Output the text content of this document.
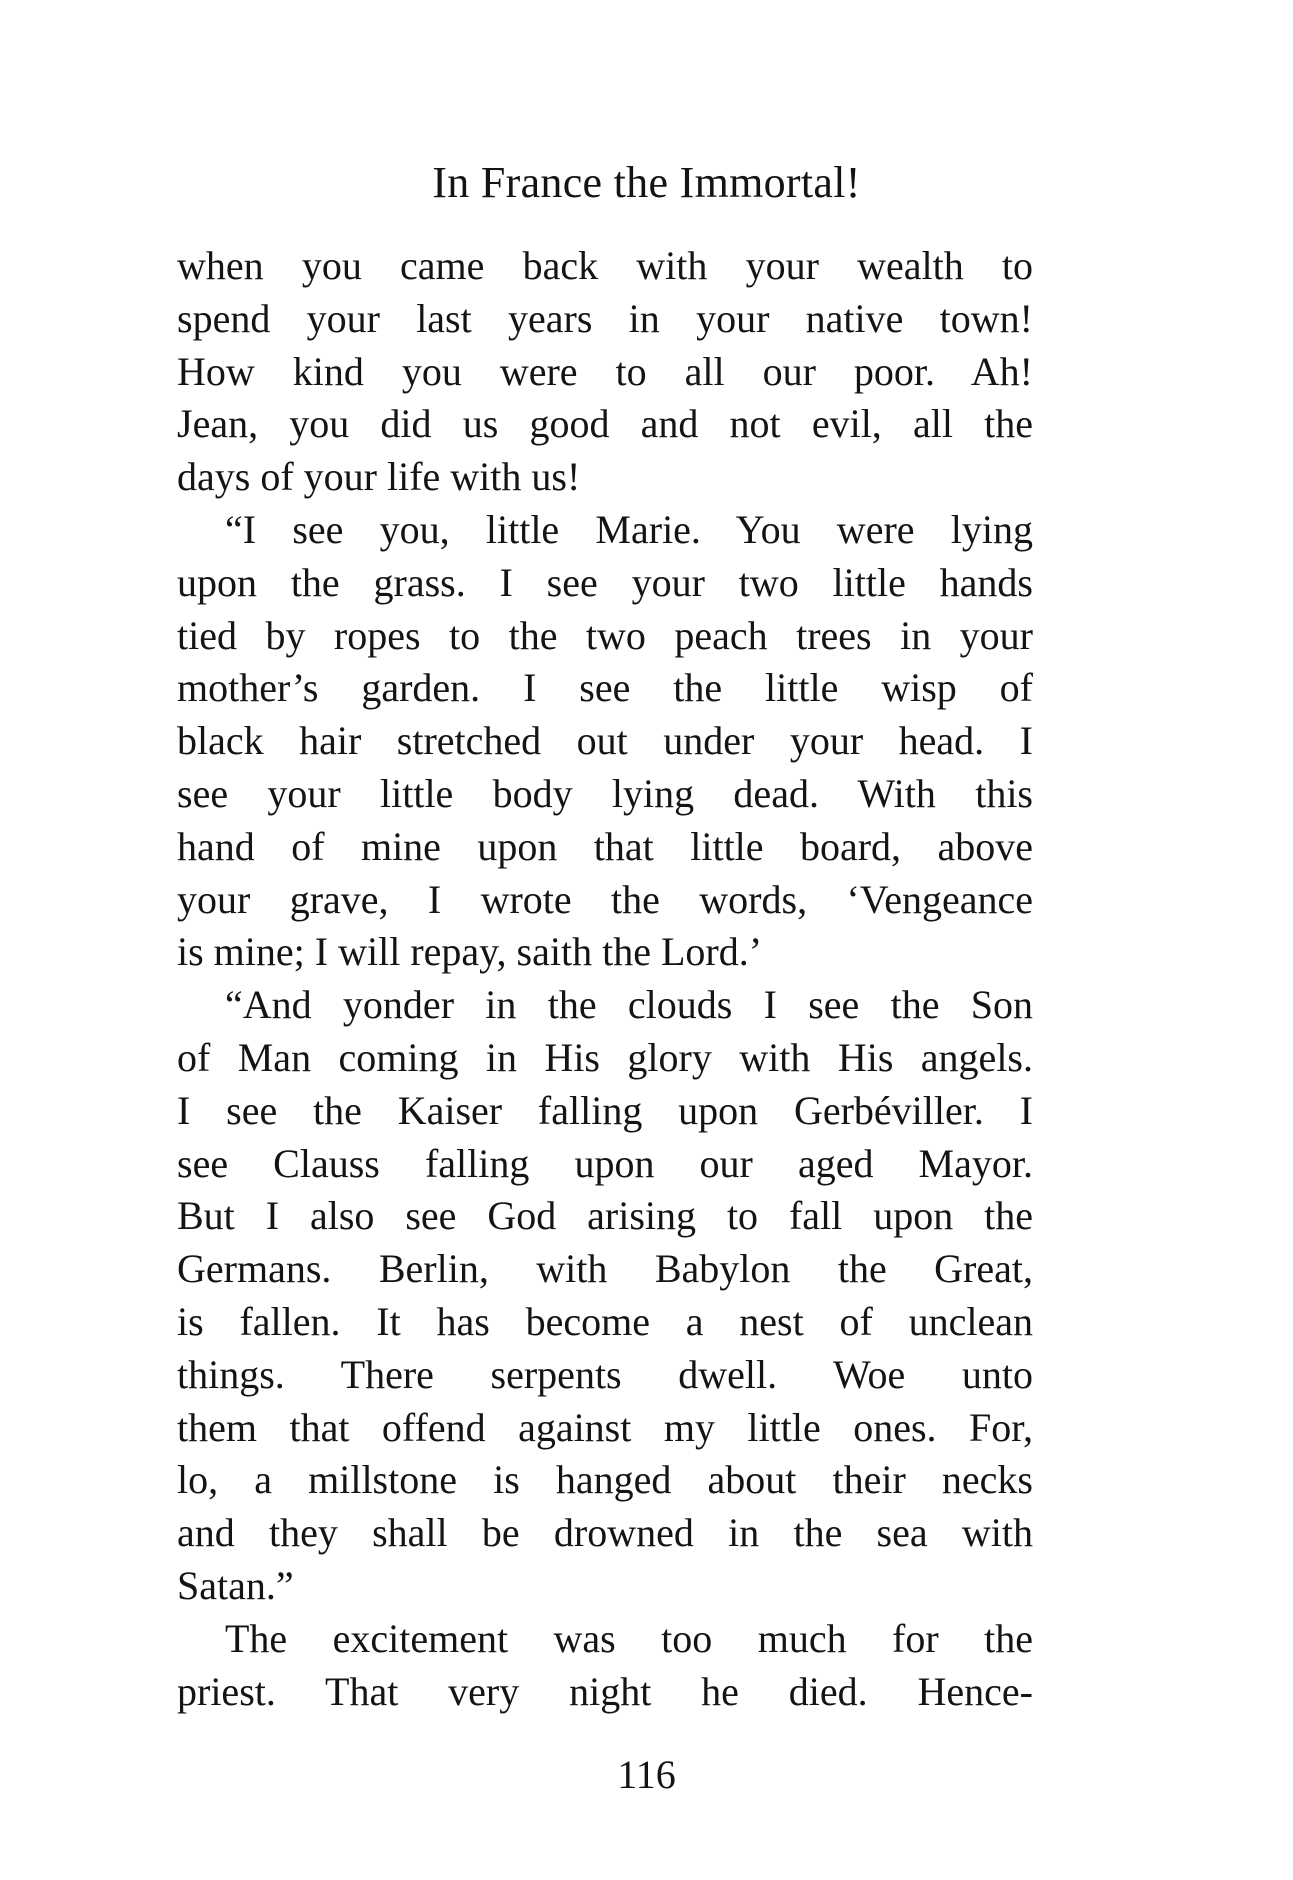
In France the Immortal!
when you came back with your wealth to
spend your last years in your native town!
How kind you were to all our poor. Ah!
Jean, you did us good and not evil, all the
days of your life with us!
“I see you, little Marie. You were lying
upon the grass. I see your two little hands
tied by ropes to the two peach trees in your
mother’s garden. I see the little wisp of
black hair stretched out under your head. I
see your little body lying dead. With this
hand of mine upon that little board, above
your grave, I wrote the words, ‘Vengeance
is mine; I will repay, saith the Lord.’
“And yonder in the clouds I see the Son
of Man coming in His glory with His angels.
I see the Kaiser falling upon Gerbéviller. I
see Clauss falling upon our aged Mayor.
But I also see God arising to fall upon the
Germans. Berlin, with Babylon the Great,
is fallen. It has become a nest of unclean
things. There serpents dwell. Woe unto
them that offend against my little ones. For,
lo, a millstone is hanged about their necks
and they shall be drowned in the sea with
Satan.”
The excitement was too much for the
priest. That very night he died. Hence-
116
